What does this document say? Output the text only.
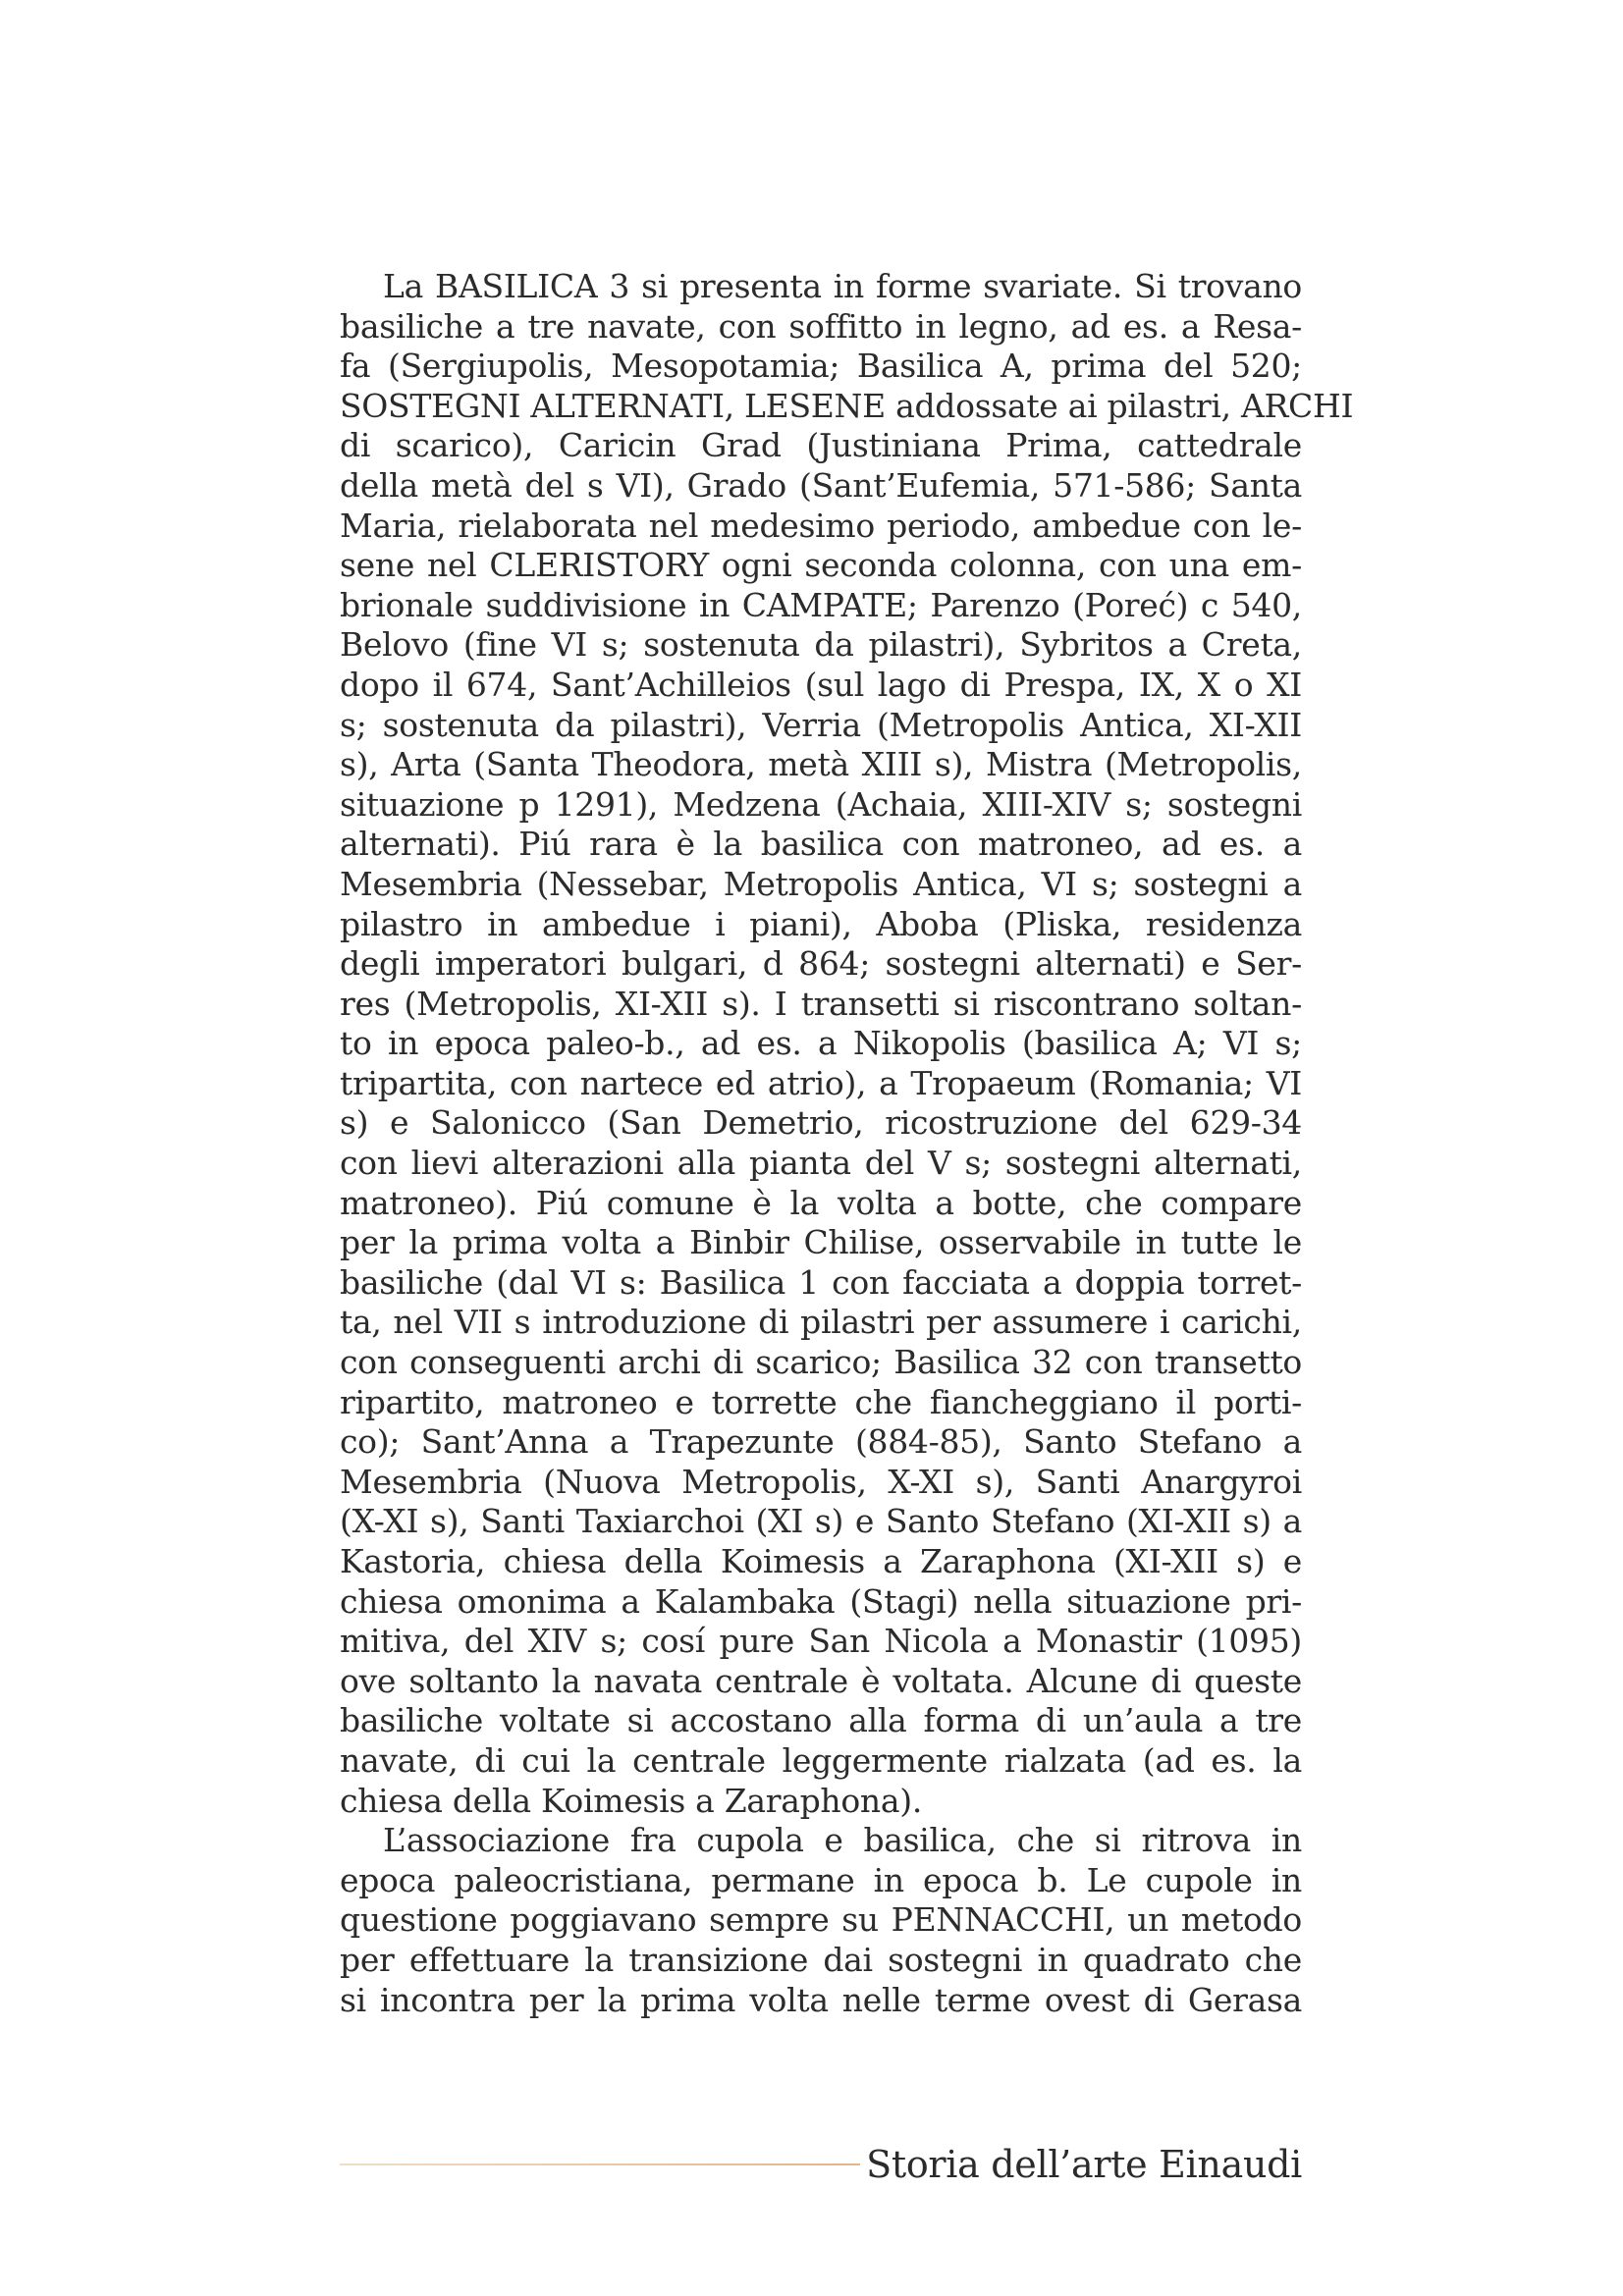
La BASILICA 3 si presenta in forme svariate. Si trovano
basiliche a tre navate, con soffitto in legno, ad es. a Resa-
fa (Sergiupolis, Mesopotamia; Basilica A, prima del 520;
SOSTEGNI ALTERNATI, LESENE addossate ai pilastri, ARCHI
di scarico), Caricin Grad (Justiniana Prima, cattedrale
della metà del s VI), Grado (Sant’Eufemia, 571-586; Santa
Maria, rielaborata nel medesimo periodo, ambedue con le-
sene nel CLERISTORY ogni seconda colonna, con una em-
brionale suddivisione in CAMPATE; Parenzo (Poreć) c 540,
Belovo (fine VI s; sostenuta da pilastri), Sybritos a Creta,
dopo il 674, Sant’Achilleios (sul lago di Prespa, IX, X o XI
s; sostenuta da pilastri), Verria (Metropolis Antica, XI-XII
s), Arta (Santa Theodora, metà XIII s), Mistra (Metropolis,
situazione p 1291), Medzena (Achaia, XIII-XIV s; sostegni
alternati). Piú rara è la basilica con matroneo, ad es. a
Mesembria (Nessebar, Metropolis Antica, VI s; sostegni a
pilastro in ambedue i piani), Aboba (Pliska, residenza
degli imperatori bulgari, d 864; sostegni alternati) e Ser-
res (Metropolis, XI-XII s). I transetti si riscontrano soltan-
to in epoca paleo-b., ad es. a Nikopolis (basilica A; VI s;
tripartita, con nartece ed atrio), a Tropaeum (Romania; VI
s) e Salonicco (San Demetrio, ricostruzione del 629-34
con lievi alterazioni alla pianta del V s; sostegni alternati,
matroneo). Piú comune è la volta a botte, che compare
per la prima volta a Binbir Chilise, osservabile in tutte le
basiliche (dal VI s: Basilica 1 con facciata a doppia torret-
ta, nel VII s introduzione di pilastri per assumere i carichi,
con conseguenti archi di scarico; Basilica 32 con transetto
ripartito, matroneo e torrette che fiancheggiano il porti-
co); Sant’Anna a Trapezunte (884-85), Santo Stefano a
Mesembria (Nuova Metropolis, X-XI s), Santi Anargyroi
(X-XI s), Santi Taxiarchoi (XI s) e Santo Stefano (XI-XII s) a
Kastoria, chiesa della Koimesis a Zaraphona (XI-XII s) e
chiesa omonima a Kalambaka (Stagi) nella situazione pri-
mitiva, del XIV s; cosí pure San Nicola a Monastir (1095)
ove soltanto la navata centrale è voltata. Alcune di queste
basiliche voltate si accostano alla forma di un’aula a tre
navate, di cui la centrale leggermente rialzata (ad es. la
chiesa della Koimesis a Zaraphona).
L’associazione fra cupola e basilica, che si ritrova in
epoca paleocristiana, permane in epoca b. Le cupole in
questione poggiavano sempre su PENNACCHI, un metodo
per effettuare la transizione dai sostegni in quadrato che
si incontra per la prima volta nelle terme ovest di Gerasa
Storia dell’arte Einaudi
